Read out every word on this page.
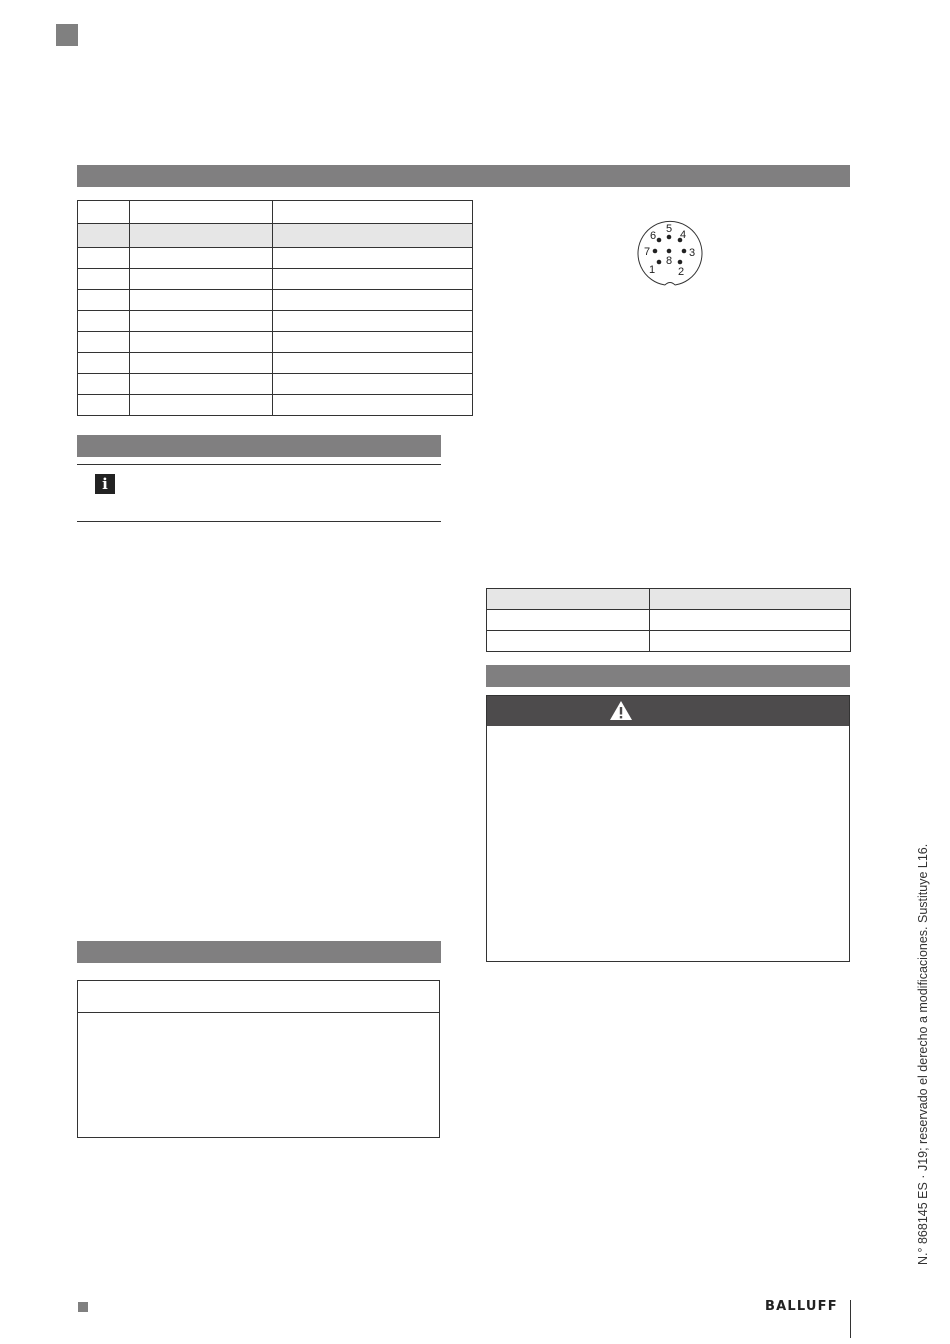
1 2
3
4
5
6
7
8
i

BALLUFF
N.° 868145 ES · J19; reservado el derecho a modificaciones. Sustituye L16.
